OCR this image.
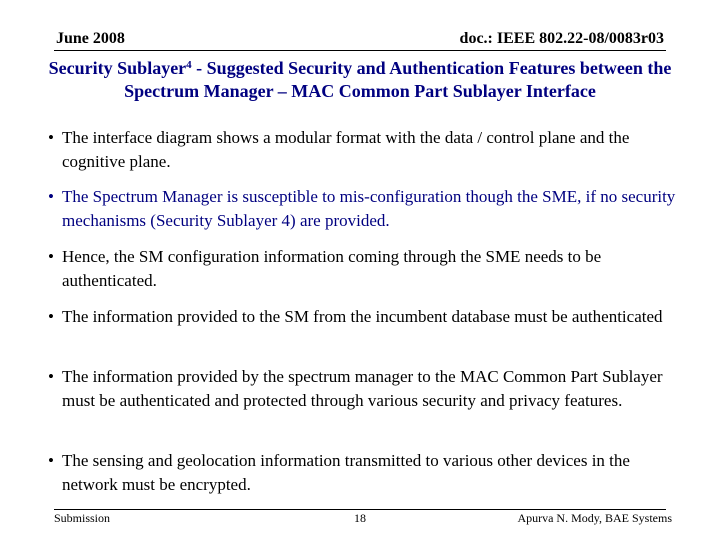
June 2008	doc.: IEEE 802.22-08/0083r03
Security Sublayer$^4$ - Suggested Security and Authentication Features between the Spectrum Manager – MAC Common Part Sublayer Interface
• The interface diagram shows a modular format with the data / control plane and the cognitive plane.
• The Spectrum Manager is susceptible to mis-configuration though the SME, if no security mechanisms (Security Sublayer 4) are provided.
• Hence, the SM configuration information coming through the SME needs to be authenticated.
• The information provided to the SM from the incumbent database must be authenticated
• The information provided by the spectrum manager to the MAC Common Part Sublayer must be authenticated and protected through various security and privacy features.
• The sensing and geolocation information transmitted to various other devices in the network must be encrypted.
Submission	18	Apurva N. Mody, BAE Systems
